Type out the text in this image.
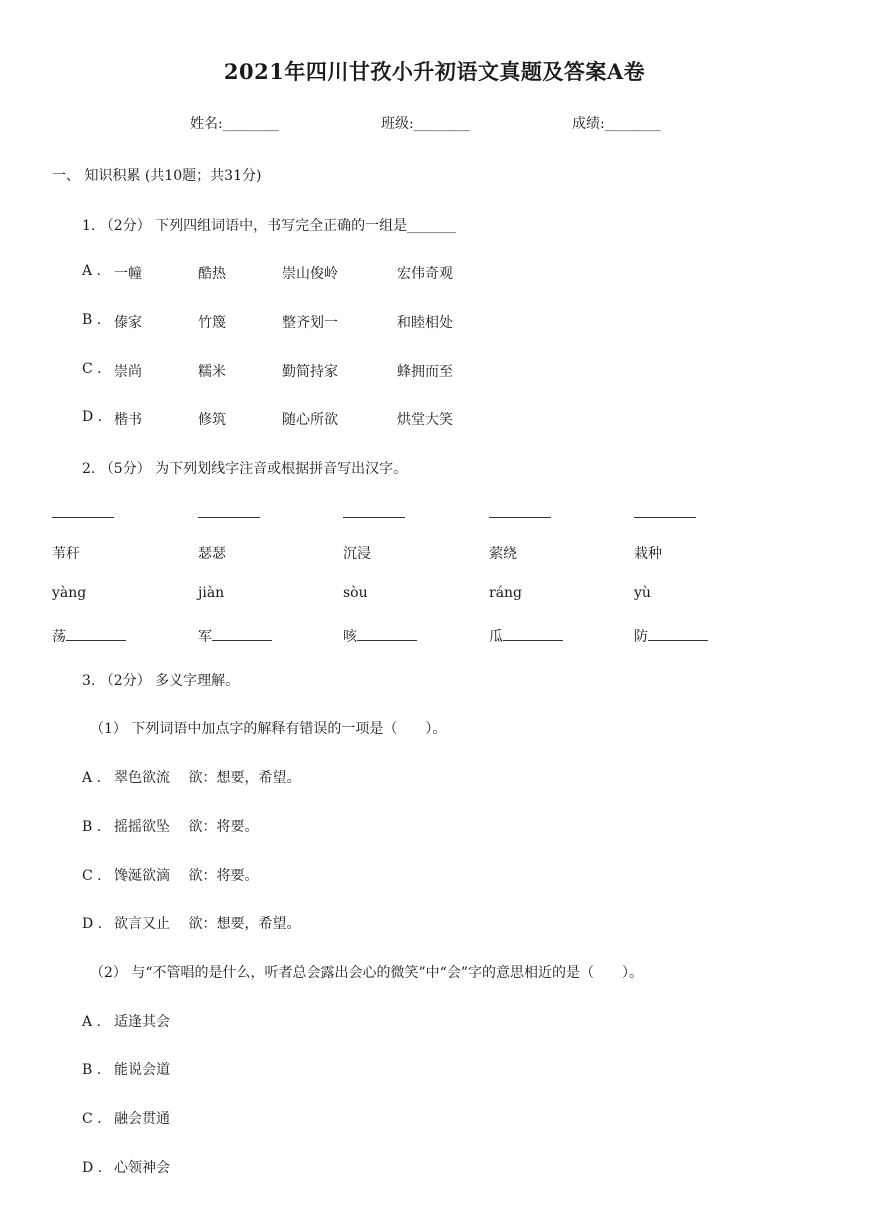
2021年四川甘孜小升初语文真题及答案A卷
姓名:________	班级:________	成绩:________
一、 知识积累 (共10题；共31分)
1. （2分） 下列四组词语中，书写完全正确的一组是_______
A . 一幢	酷热	崇山俊岭	宏伟奇观
B . 傣家	竹篾	整齐划一	和睦相处
C . 崇尚	糯米	勤简持家	蜂拥而至
D . 楷书	修筑	随心所欲	烘堂大笑
2. （5分） 为下列划线字注音或根据拼音写出汉字。
苇秆	瑟瑟	沉浸	萦绕	栽种
yàng	jiàn	sòu	ráng	yù
荡	军	咳	瓜	防
3. （2分） 多义字理解。
（1） 下列词语中加点字的解释有错误的一项是（　　）。
A . 翠色欲流　 欲：想要，希望。
B . 摇摇欲坠　 欲：将要。
C . 馋涎欲滴　 欲：将要。
D . 欲言又止　 欲：想要，希望。
（2） 与“不管唱的是什么，听者总会露出会心的微笑”中“会”字的意思相近的是（　　）。
A . 适逢其会
B . 能说会道
C . 融会贯通
D . 心领神会
